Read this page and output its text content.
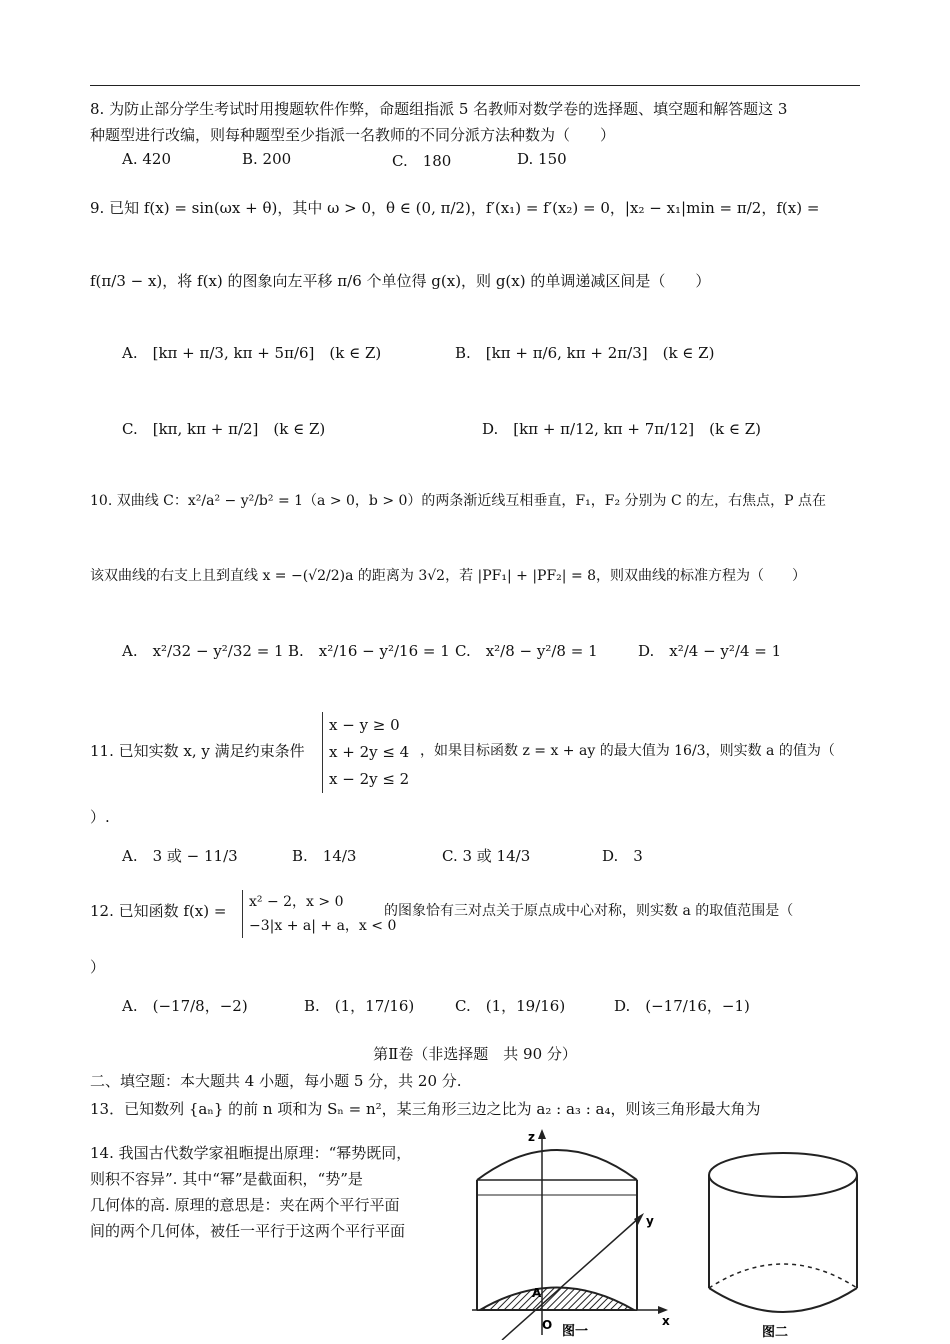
8. 为防止部分学生考试时用搜题软件作弊，命题组指派 5 名教师对数学卷的选择题、填空题和解答题这 3
种题型进行改编，则每种题型至少指派一名教师的不同分派方法种数为（　　）
A. 420	B. 200	C.　180	D. 150
9. 已知 f(x) = sin(ωx + θ)，其中 ω > 0，θ ∈ (0, π/2)，f′(x₁) = f′(x₂) = 0，|x₂ − x₁|min = π/2，f(x) =
f(π/3 − x)，将 f(x) 的图象向左平移 π/6 个单位得 g(x)，则 g(x) 的单调递减区间是（　　）
A.　[kπ + π/3, kπ + 5π/6]　(k ∈ Z)	B.　[kπ + π/6, kπ + 2π/3]　(k ∈ Z)
C.　[kπ, kπ + π/2]　(k ∈ Z)	D.　[kπ + π/12, kπ + 7π/12]　(k ∈ Z)
10. 双曲线 C：x²/a² − y²/b² = 1（a > 0，b > 0）的两条渐近线互相垂直，F₁，F₂ 分别为 C 的左，右焦点，P 点在
该双曲线的右支上且到直线 x = −(√2/2)a 的距离为 3√2，若 |PF₁| + |PF₂| = 8，则双曲线的标准方程为（　　）
A.　x²/32 − y²/32 = 1 B.　x²/16 − y²/16 = 1 C.　x²/8 − y²/8 = 1	D.　x²/4 − y²/4 = 1
11. 已知实数 x, y 满足约束条件
x − y ≥ 0
x + 2y ≤ 4
x − 2y ≤ 2
，如果目标函数 z = x + ay 的最大值为 16/3，则实数 a 的值为（
）.
A.　3 或 − 11/3	B.　14/3	C. 3 或 14/3	D.　3
12. 已知函数 f(x) = x² − 2，x > 0
−3|x + a| + a，x < 0
的图象恰有三对点关于原点成中心对称，则实数 a 的取值范围是（
）
A.　(−17/8，−2)	B.　(1，17/16)	C.　(1，19/16)	D.　(−17/16，−1)
第Ⅱ卷（非选择题　共 90 分）
二、填空题：本大题共 4 小题，每小题 5 分，共 20 分.
13．已知数列 {aₙ} 的前 n 项和为 Sₙ = n²，某三角形三边之比为 a₂ : a₃ : a₄，则该三角形最大角为
14. 我国古代数学家祖暅提出原理：“幂势既同，
则积不容异”. 其中“幂”是截面积，“势”是
几何体的高. 原理的意思是：夹在两个平行平面
间的两个几何体，被任一平行于这两个平行平面
z
y
x
A
O 图一	图二
